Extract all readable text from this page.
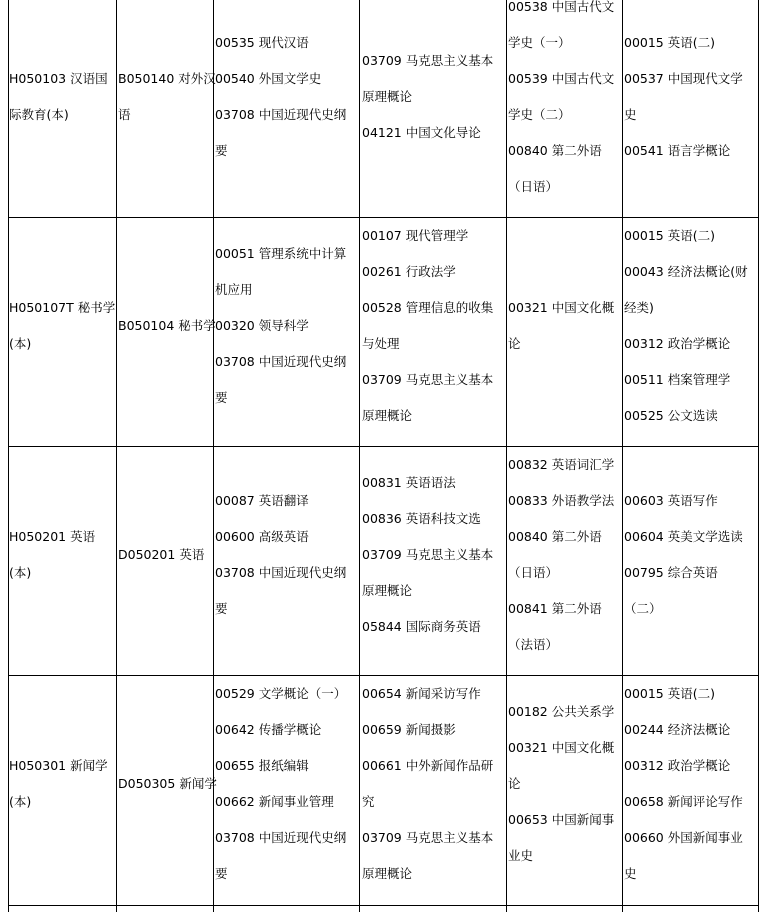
H050103 汉语国
际教育(本)
B050140 对外汉
语
00535 现代汉语
00540 外国文学史
03708 中国近现代史纲
要
03709 马克思主义基本
原理概论
04121 中国文化导论
00538 中国古代文
学史（一）
00539 中国古代文
学史（二）
00840 第二外语
（日语）
00015 英语(二)
00537 中国现代文学
史
00541 语言学概论
H050107T 秘书学
(本)
B050104 秘书学
00051 管理系统中计算
机应用
00320 领导科学
03708 中国近现代史纲
要
00107 现代管理学
00261 行政法学
00528 管理信息的收集
与处理
03709 马克思主义基本
原理概论
00321 中国文化概
论
00015 英语(二)
00043 经济法概论(财
经类)
00312 政治学概论
00511 档案管理学
00525 公文选读
H050201 英语
(本)
D050201 英语
00087 英语翻译
00600 高级英语
03708 中国近现代史纲
要
00831 英语语法
00836 英语科技文选
03709 马克思主义基本
原理概论
05844 国际商务英语
00832 英语词汇学
00833 外语教学法
00840 第二外语
（日语）
00841 第二外语
（法语）
00603 英语写作
00604 英美文学选读
00795 综合英语
（二）
H050301 新闻学
(本)
D050305 新闻学
00529 文学概论（一）
00642 传播学概论
00655 报纸编辑
00662 新闻事业管理
03708 中国近现代史纲
要
00654 新闻采访写作
00659 新闻摄影
00661 中外新闻作品研
究
03709 马克思主义基本
原理概论
00182 公共关系学
00321 中国文化概
论
00653 中国新闻事
业史
00015 英语(二)
00244 经济法概论
00312 政治学概论
00658 新闻评论写作
00660 外国新闻事业
史
